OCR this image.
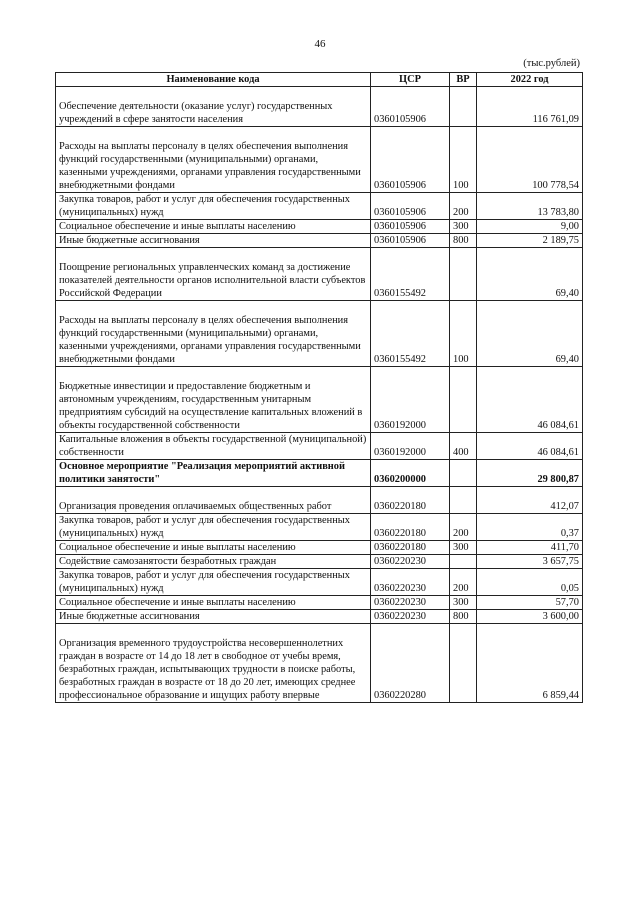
46
(тыс.рублей)
Наименование кода	ЦСР	ВР	2022 год
Обеспечение деятельности (оказание услуг) государственных учреждений в сфере занятости населения	0360105906		116 761,09
Расходы на выплаты персоналу в целях обеспечения выполнения функций государственными (муниципальными) органами, казенными учреждениями, органами управления государственными внебюджетными фондами	0360105906	100	100 778,54
Закупка товаров, работ и услуг для обеспечения государственных (муниципальных) нужд	0360105906	200	13 783,80
Социальное обеспечение и иные выплаты населению	0360105906	300	9,00
Иные бюджетные ассигнования	0360105906	800	2 189,75
Поощрение региональных управленческих команд за достижение показателей деятельности органов исполнительной власти субъектов Российской Федерации	0360155492		69,40
Расходы на выплаты персоналу в целях обеспечения выполнения функций государственными (муниципальными) органами, казенными учреждениями, органами управления государственными внебюджетными фондами	0360155492	100	69,40
Бюджетные инвестиции и предоставление бюджетным и автономным учреждениям, государственным унитарным предприятиям субсидий на осуществление капитальных вложений в объекты государственной собственности	0360192000		46 084,61
Капитальные вложения в объекты государственной (муниципальной) собственности	0360192000	400	46 084,61
Основное мероприятие "Реализация мероприятий активной политики занятости"	0360200000		29 800,87
Организация проведения оплачиваемых общественных работ	0360220180		412,07
Закупка товаров, работ и услуг для обеспечения государственных (муниципальных) нужд	0360220180	200	0,37
Социальное обеспечение и иные выплаты населению	0360220180	300	411,70
Содействие самозанятости безработных граждан	0360220230		3 657,75
Закупка товаров, работ и услуг для обеспечения государственных (муниципальных) нужд	0360220230	200	0,05
Социальное обеспечение и иные выплаты населению	0360220230	300	57,70
Иные бюджетные ассигнования	0360220230	800	3 600,00
Организация временного трудоустройства несовершеннолетних граждан в возрасте от 14 до 18 лет в свободное от учебы время, безработных граждан, испытывающих трудности в поиске работы, безработных граждан в возрасте от 18 до 20 лет, имеющих среднее профессиональное образование и ищущих работу впервые	0360220280		6 859,44
